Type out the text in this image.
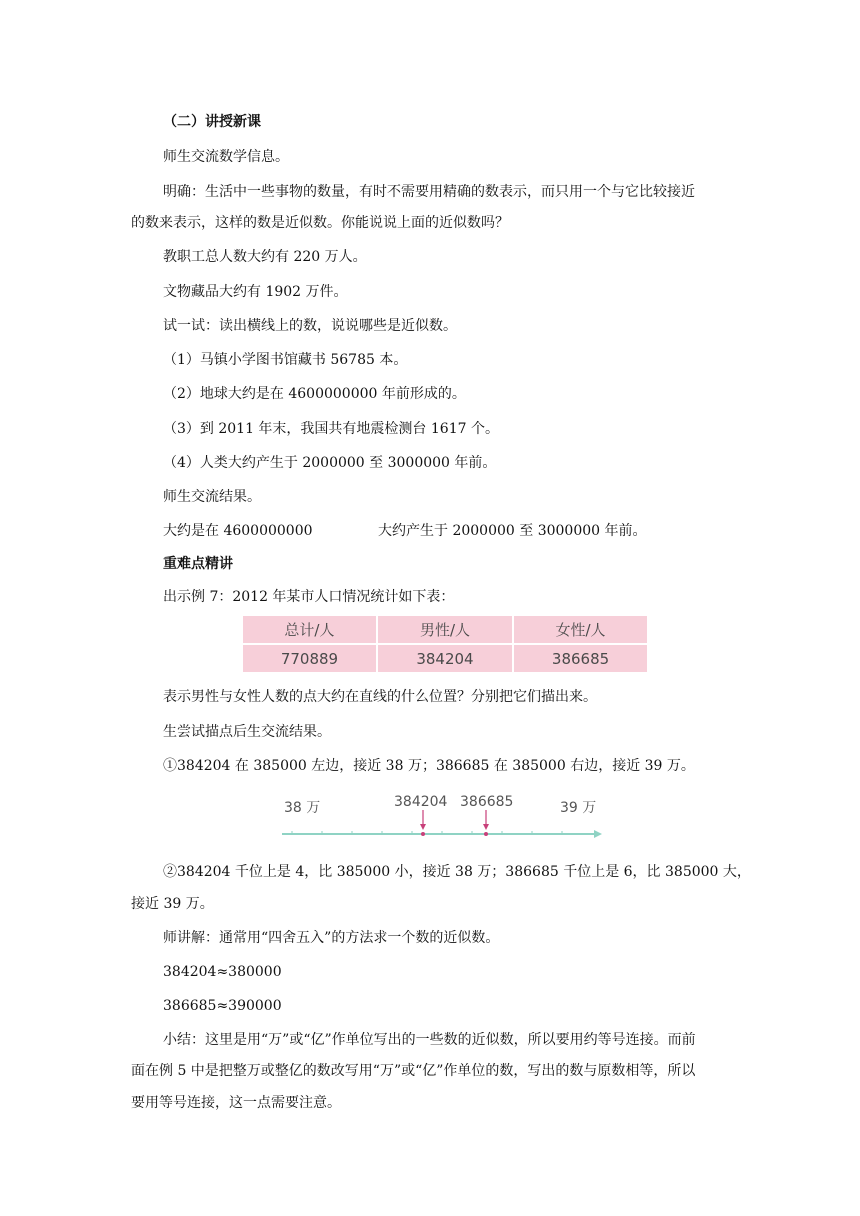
（二）讲授新课

师生交流数学信息。

明确：生活中一些事物的数量，有时不需要用精确的数表示，而只用一个与它比较接近

的数来表示，这样的数是近似数。你能说说上面的近似数吗？

教职工总人数大约有 220 万人。

文物藏品大约有 1902 万件。

试一试：读出横线上的数，说说哪些是近似数。

（1）马镇小学图书馆藏书 56785 本。

（2）地球大约是在 4600000000 年前形成的。

（3）到 2011 年末，我国共有地震检测台 1617 个。

（4）人类大约产生于 2000000 至 3000000 年前。

师生交流结果。

大约是在 4600000000	大约产生于 2000000 至 3000000 年前。

重难点精讲

出示例 7：2012 年某市人口情况统计如下表：

总计/人	男性/人	女性/人
770889	384204	386685

表示男性与女性人数的点大约在直线的什么位置？分别把它们描出来。

生尝试描点后生交流结果。

①384204 在 385000 左边，接近 38 万；386685 在 385000 右边，接近 39 万。

38 万	384204 386685	39 万

②384204 千位上是 4，比 385000 小，接近 38 万；386685 千位上是 6，比 385000 大，

接近 39 万。

师讲解：通常用“四舍五入”的方法求一个数的近似数。

384204≈380000

386685≈390000

小结：这里是用“万”或“亿”作单位写出的一些数的近似数，所以要用约等号连接。而前

面在例 5 中是把整万或整亿的数改写用“万”或“亿”作单位的数，写出的数与原数相等，所以

要用等号连接，这一点需要注意。
